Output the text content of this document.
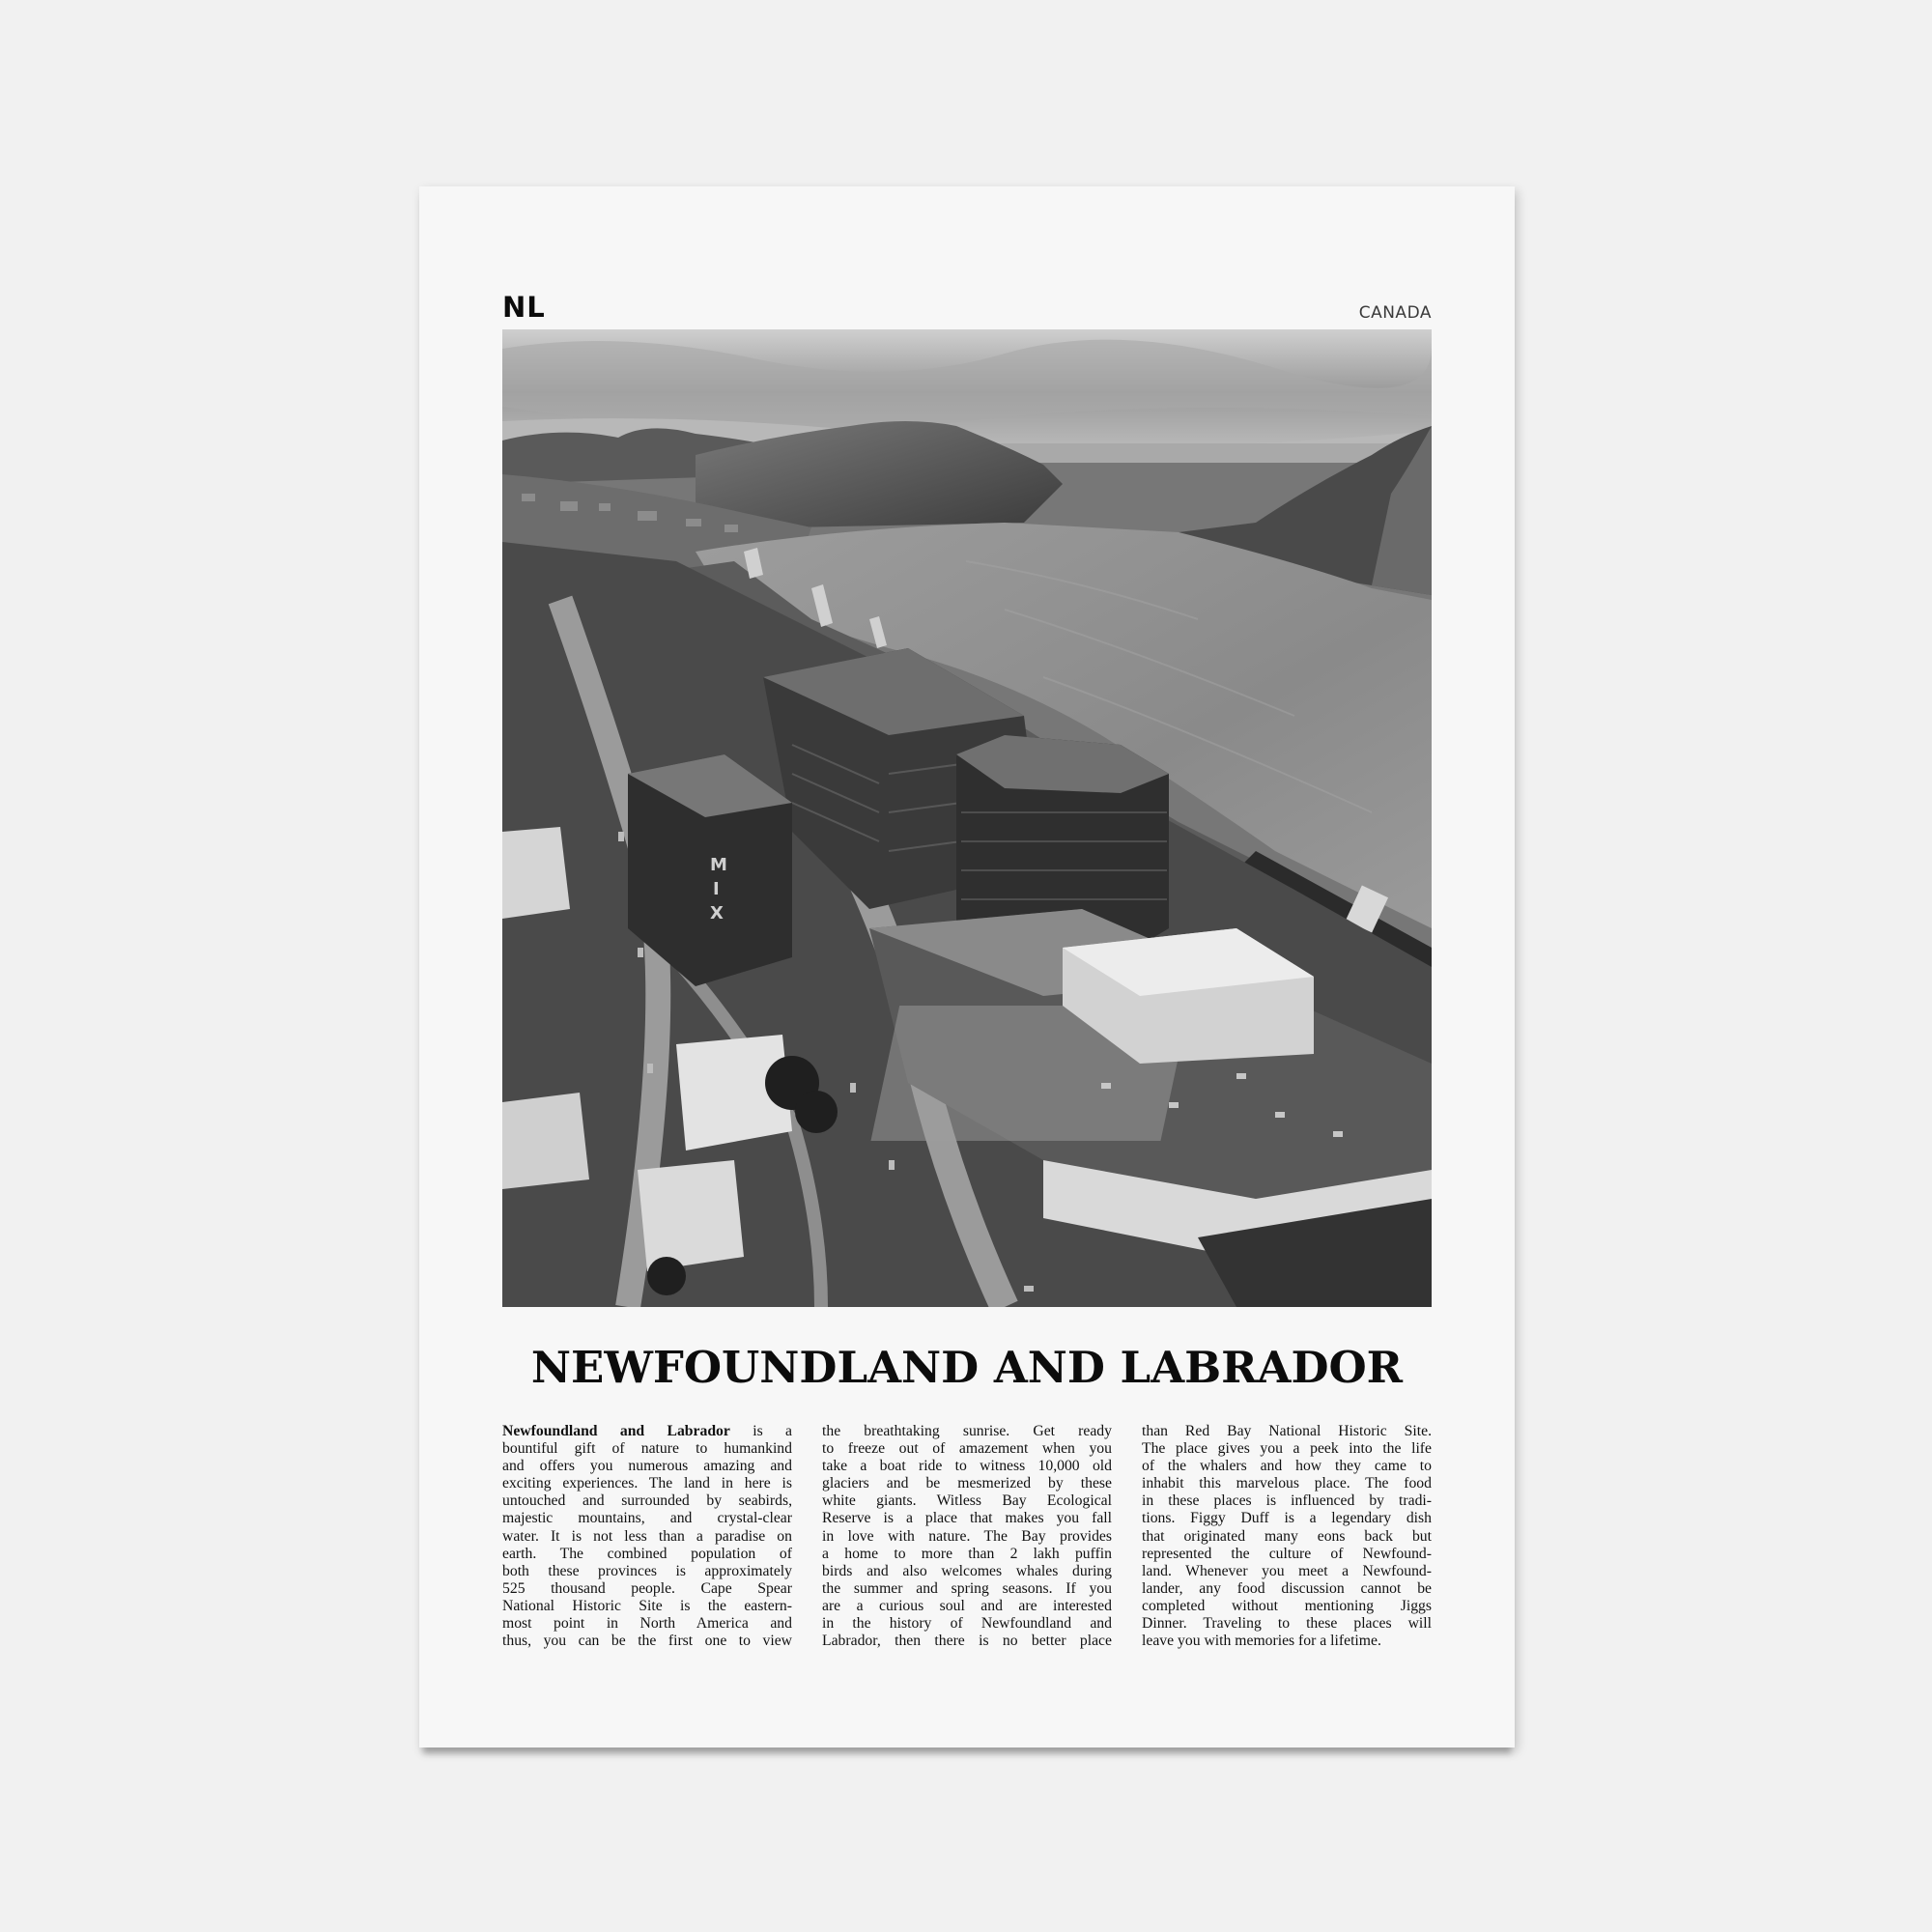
NL	CANADA
M
I
X
NEWFOUNDLAND AND LABRADOR
Newfoundland and Labrador is a
bountiful gift of nature to humankind
and offers you numerous amazing and
exciting experiences. The land in here is
untouched and surrounded by seabirds,
majestic mountains, and crystal-clear
water. It is not less than a paradise on
earth. The combined population of
both these provinces is approximately
525 thousand people. Cape Spear
National Historic Site is the eastern-
most point in North America and
thus, you can be the first one to view
the breathtaking sunrise. Get ready
to freeze out of amazement when you
take a boat ride to witness 10,000 old
glaciers and be mesmerized by these
white giants. Witless Bay Ecological
Reserve is a place that makes you fall
in love with nature. The Bay provides
a home to more than 2 lakh puffin
birds and also welcomes whales during
the summer and spring seasons. If you
are a curious soul and are interested
in the history of Newfoundland and
Labrador, then there is no better place
than Red Bay National Historic Site.
The place gives you a peek into the life
of the whalers and how they came to
inhabit this marvelous place. The food
in these places is influenced by tradi-
tions. Figgy Duff is a legendary dish
that originated many eons back but
represented the culture of Newfound-
land. Whenever you meet a Newfound-
lander, any food discussion cannot be
completed without mentioning Jiggs
Dinner. Traveling to these places will
leave you with memories for a lifetime.
